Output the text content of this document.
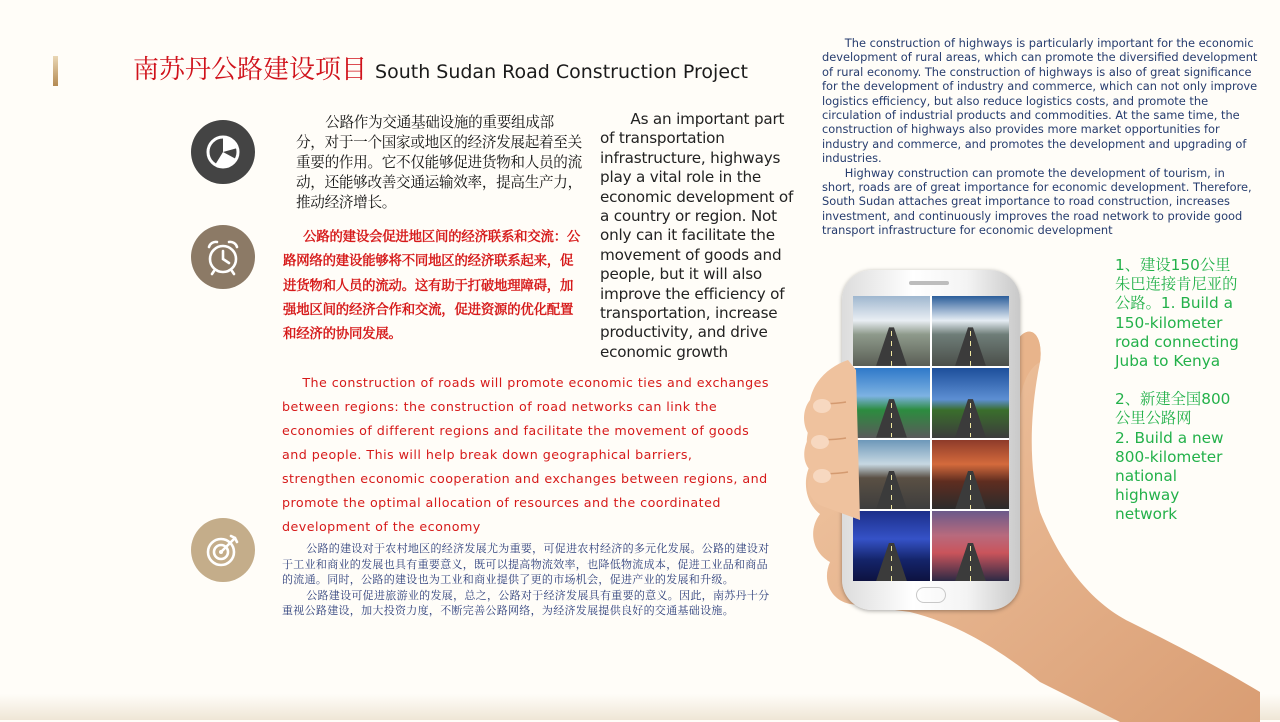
南苏丹公路建设项目 South Sudan Road Construction Project

公路作为交通基础设施的重要组成部分，对于一个国家或地区的经济发展起着至关重要的作用。它不仅能够促进货物和人员的流动，还能够改善交通运输效率，提高生产力，推动经济增长。

As an important part of transportation infrastructure, highways play a vital role in the economic development of a country or region. Not only can it facilitate the movement of goods and people, but it will also improve the efficiency of transportation, increase productivity, and drive economic growth

公路的建设会促进地区间的经济联系和交流：公路网络的建设能够将不同地区的经济联系起来，促进货物和人员的流动。这有助于打破地理障碍，加强地区间的经济合作和交流，促进资源的优化配置和经济的协同发展。

The construction of roads will promote economic ties and exchanges between regions: the construction of road networks can link the economies of different regions and facilitate the movement of goods and people. This will help break down geographical barriers, strengthen economic cooperation and exchanges between regions, and promote the optimal allocation of resources and the coordinated development of the economy

公路的建设对于农村地区的经济发展尤为重要，可促进农村经济的多元化发展。公路的建设对于工业和商业的发展也具有重要意义，既可以提高物流效率，也降低物流成本，促进工业品和商品的流通。同时，公路的建设也为工业和商业提供了更的市场机会，促进产业的发展和升级。

公路建设可促进旅游业的发展，总之，公路对于经济发展具有重要的意义。因此，南苏丹十分重视公路建设，加大投资力度，不断完善公路网络，为经济发展提供良好的交通基础设施。

The construction of highways is particularly important for the economic development of rural areas, which can promote the diversified development of rural economy. The construction of highways is also of great significance for the development of industry and commerce, which can not only improve logistics efficiency, but also reduce logistics costs, and promote the circulation of industrial products and commodities. At the same time, the construction of highways also provides more market opportunities for industry and commerce, and promotes the development and upgrading of industries.

Highway construction can promote the development of tourism, in short, roads are of great importance for economic development. Therefore, South Sudan attaches great importance to road construction, increases investment, and continuously improves the road network to provide good transport infrastructure for economic development

1、建设150公里朱巴连接肯尼亚的公路。1. Build a 150-kilometer road connecting Juba to Kenya
2、新建全国800公里公路网
2. Build a new 800-kilometer national highway network
